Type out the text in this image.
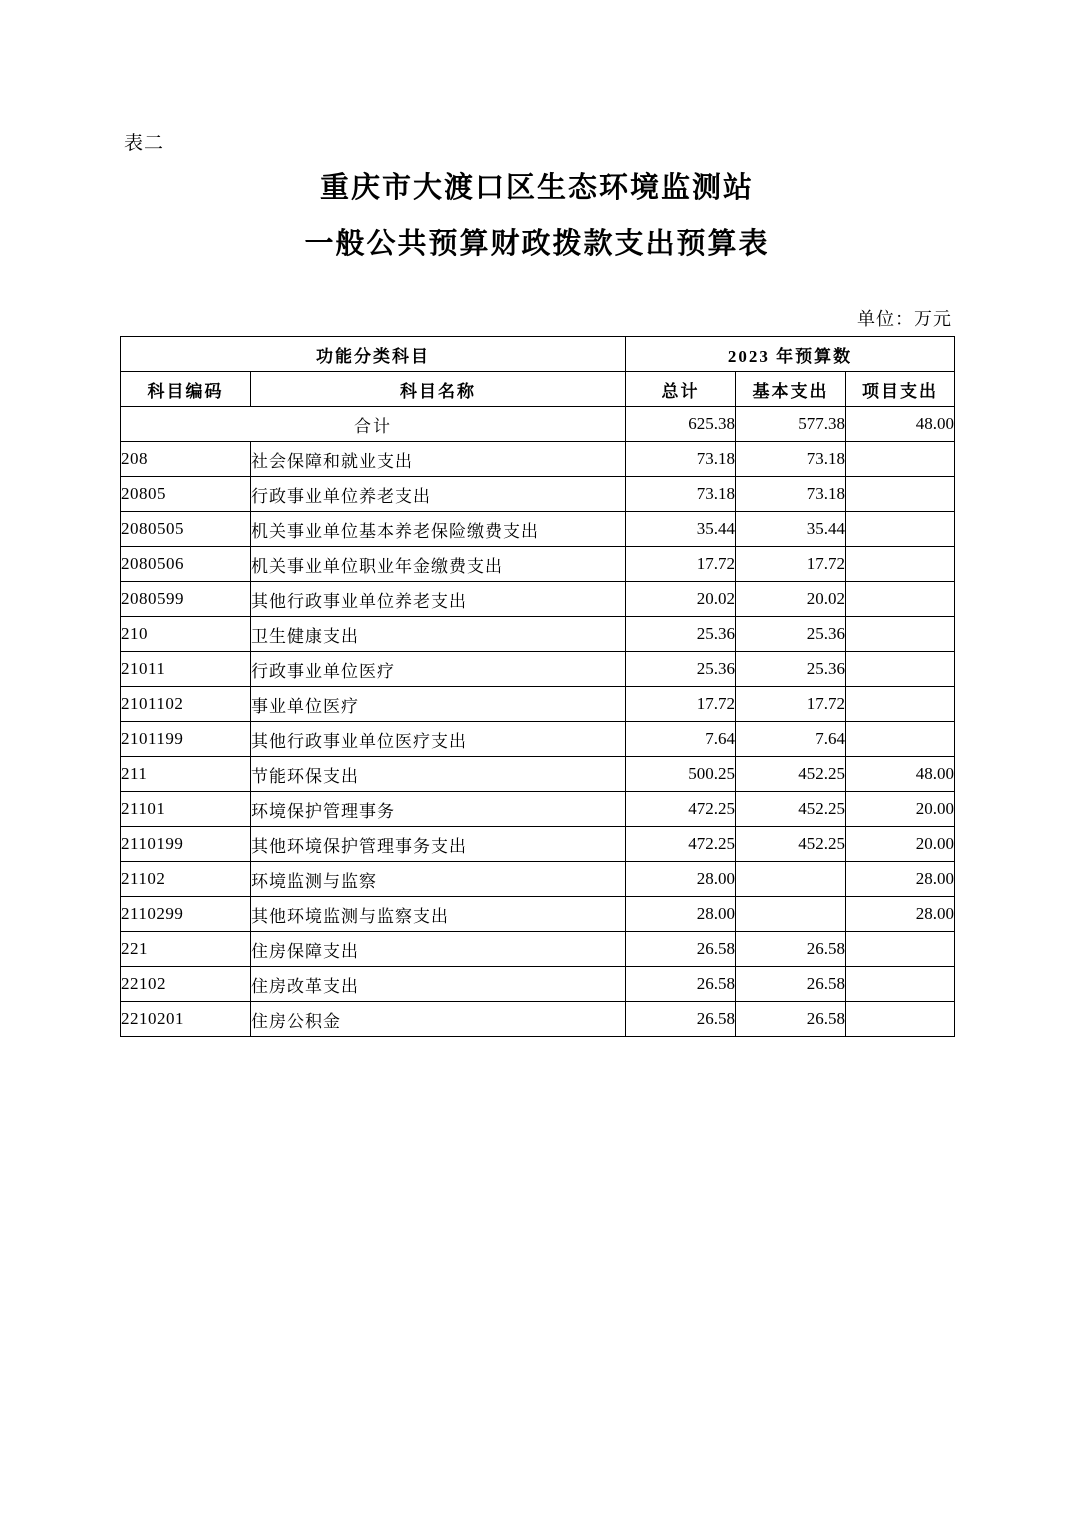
表二
重庆市大渡口区生态环境监测站
一般公共预算财政拨款支出预算表
单位：万元
功能分类科目		2023 年预算数		
科目编码	科目名称	总计	基本支出	项目支出
合计		625.38	577.38	48.00
208	社会保障和就业支出	73.18	73.18	
20805	行政事业单位养老支出	73.18	73.18	
2080505	机关事业单位基本养老保险缴费支出	35.44	35.44	
2080506	机关事业单位职业年金缴费支出	17.72	17.72	
2080599	其他行政事业单位养老支出	20.02	20.02	
210	卫生健康支出	25.36	25.36	
21011	行政事业单位医疗	25.36	25.36	
2101102	事业单位医疗	17.72	17.72	
2101199	其他行政事业单位医疗支出	7.64	7.64	
211	节能环保支出	500.25	452.25	48.00
21101	环境保护管理事务	472.25	452.25	20.00
2110199	其他环境保护管理事务支出	472.25	452.25	20.00
21102	环境监测与监察	28.00		28.00
2110299	其他环境监测与监察支出	28.00		28.00
221	住房保障支出	26.58	26.58	
22102	住房改革支出	26.58	26.58	
2210201	住房公积金	26.58	26.58	
